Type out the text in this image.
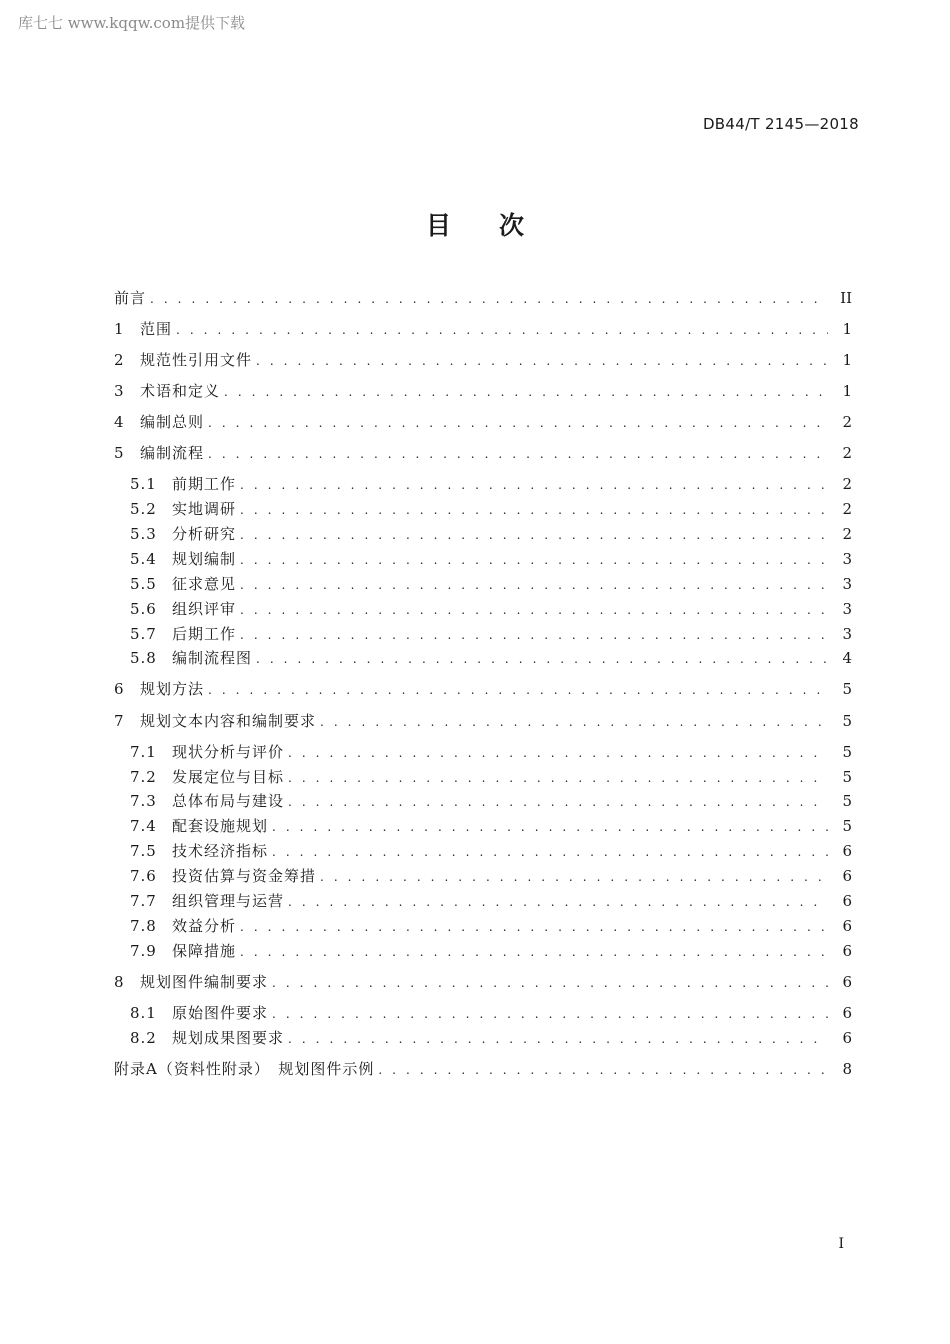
库七七 www.kqqw.com提供下载
DB44/T 2145—2018
目 次
前言 . . .	II
1	范围 . . .	1
2	规范性引用文件 . . .	1
3	术语和定义 . . .	1
4	编制总则 . . .	2
5	编制流程 . . .	2
5.1	前期工作 . . .	2
5.2	实地调研 . . .	2
5.3	分析研究 . . .	2
5.4	规划编制 . . .	3
5.5	征求意见 . . .	3
5.6	组织评审 . . .	3
5.7	后期工作 . . .	3
5.8	编制流程图 . . .	4
6	规划方法 . . .	5
7	规划文本内容和编制要求 . . .	5
7.1	现状分析与评价 . . .	5
7.2	发展定位与目标 . . .	5
7.3	总体布局与建设 . . .	5
7.4	配套设施规划 . . .	5
7.5	技术经济指标 . . .	6
7.6	投资估算与资金筹措 . . .	6
7.7	组织管理与运营 . . .	6
7.8	效益分析 . . .	6
7.9	保障措施 . . .	6
8	规划图件编制要求 . . .	6
8.1	原始图件要求 . . .	6
8.2	规划成果图要求 . . .	6
附录A（资料性附录）　规划图件示例 . . .	8
I
